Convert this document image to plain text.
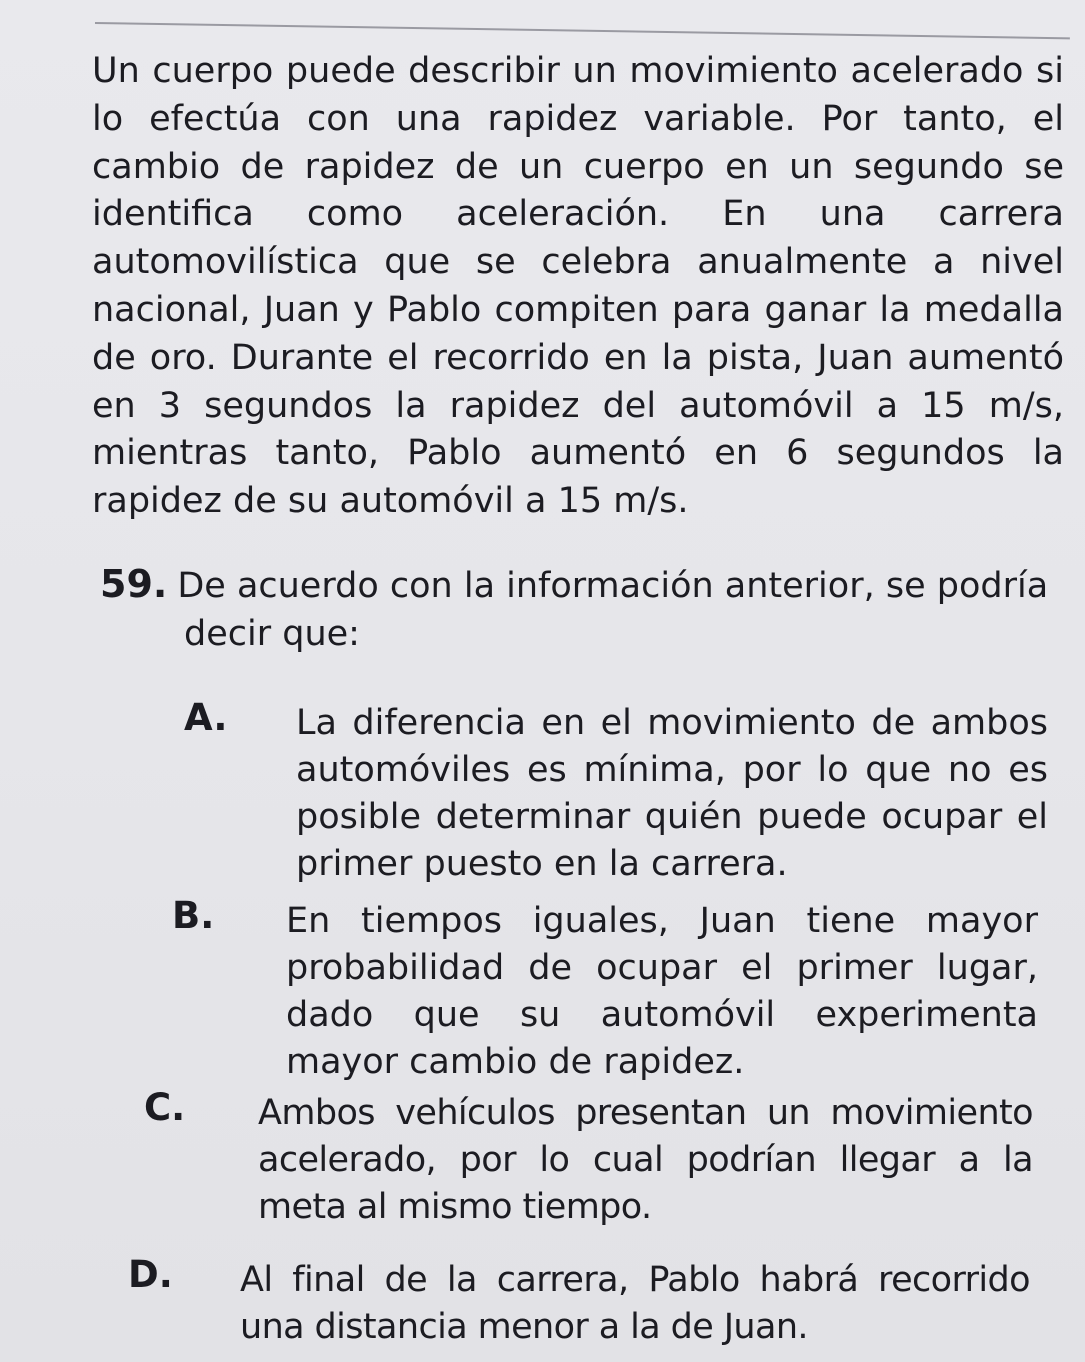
Un cuerpo puede describir un movimiento acelerado si lo efectúa con una rapidez variable. Por tanto, el cambio de rapidez de un cuerpo en un segundo se identifica como aceleración. En una carrera automovilística que se celebra anualmente a nivel nacional, Juan y Pablo compiten para ganar la medalla de oro. Durante el recorrido en la pista, Juan aumentó en 3 segundos la rapidez del automóvil a 15 m/s, mientras tanto, Pablo aumentó en 6 segundos la rapidez de su automóvil a 15 m/s.

59. De acuerdo con la información anterior, se podría
decir que:
A. La diferencia en el movimiento de ambos automóviles es mínima, por lo que no es posible determinar quién puede ocupar el primer puesto en la carrera.
B. En tiempos iguales, Juan tiene mayor probabilidad de ocupar el primer lugar, dado que su automóvil experimenta mayor cambio de rapidez.
C. Ambos vehículos presentan un movimiento acelerado, por lo cual podrían llegar a la meta al mismo tiempo.
D. Al final de la carrera, Pablo habrá recorrido una distancia menor a la de Juan.
